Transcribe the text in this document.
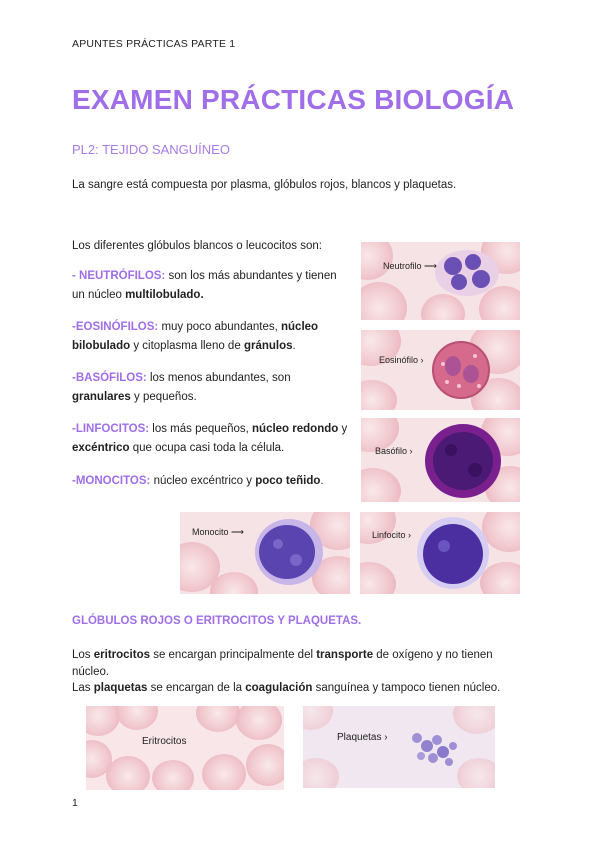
APUNTES PRÁCTICAS PARTE 1
EXAMEN PRÁCTICAS BIOLOGÍA
PL2: TEJIDO SANGUÍNEO
La sangre está compuesta por plasma, glóbulos rojos, blancos y plaquetas.
Los diferentes glóbulos blancos o leucocitos son:
- NEUTRÓFILOS: son los más abundantes y tienen un núcleo multilobulado.
-EOSINÓFILOS: muy poco abundantes, núcleo bilobulado y citoplasma lleno de gránulos.
-BASÓFILOS: los menos abundantes, son granulares y pequeños.
-LINFOCITOS: los más pequeños, núcleo redondo y excéntrico que ocupa casi toda la célula.
-MONOCITOS: núcleo excéntrico y poco teñido.
Neutrofilo ⟶
Eosinófilo ›
Basófilo ›
Monocito ⟶	Linfocito ›
GLÓBULOS ROJOS O ERITROCITOS Y PLAQUETAS.
Los eritrocitos se encargan principalmente del transporte de oxígeno y no tienen núcleo.
Las plaquetas se encargan de la coagulación sanguínea y tampoco tienen núcleo.
Eritrocitos	Plaquetas ›
1
